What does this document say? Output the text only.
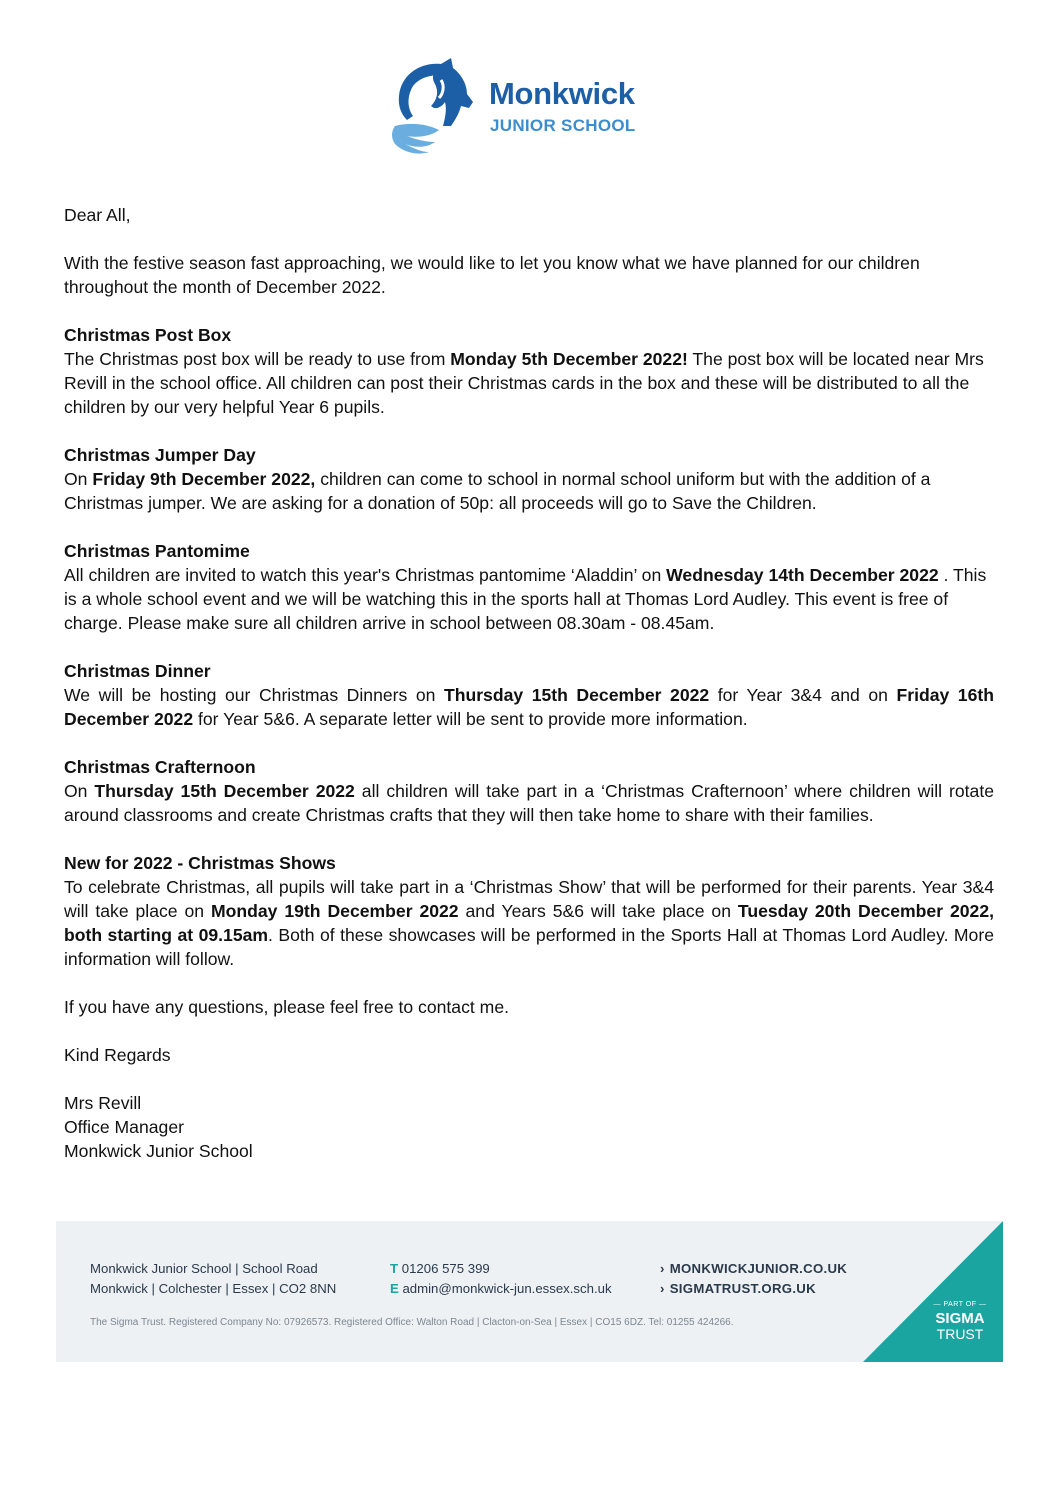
Monkwick
JUNIOR SCHOOL

Dear All,

With the festive season fast approaching, we would like to let you know what we have planned for our children throughout the month of December 2022.

Christmas Post Box

The Christmas post box will be ready to use from Monday 5th December 2022! The post box will be located near Mrs Revill in the school office. All children can post their Christmas cards in the box and these will be distributed to all the children by our very helpful Year 6 pupils.

Christmas Jumper Day

On Friday 9th December 2022, children can come to school in normal school uniform but with the addition of a Christmas jumper. We are asking for a donation of 50p: all proceeds will go to Save the Children.

Christmas Pantomime

All children are invited to watch this year's Christmas pantomime ‘Aladdin’ on Wednesday 14th December 2022 . This is a whole school event and we will be watching this in the sports hall at Thomas Lord Audley. This event is free of charge. Please make sure all children arrive in school between 08.30am - 08.45am.

Christmas Dinner

We will be hosting our Christmas Dinners on Thursday 15th December 2022 for Year 3&4 and on Friday 16th December 2022 for Year 5&6. A separate letter will be sent to provide more information.

Christmas Crafternoon

On Thursday 15th December 2022 all children will take part in a ‘Christmas Crafternoon’ where children will rotate around classrooms and create Christmas crafts that they will then take home to share with their families.

New for 2022 - Christmas Shows

To celebrate Christmas, all pupils will take part in a ‘Christmas Show’ that will be performed for their parents. Year 3&4 will take place on Monday 19th December 2022 and Years 5&6 will take place on Tuesday 20th December 2022, both starting at 09.15am. Both of these showcases will be performed in the Sports Hall at Thomas Lord Audley. More information will follow.

If you have any questions, please feel free to contact me.

Kind Regards

Mrs Revill
Office Manager
Monkwick Junior School

Monkwick Junior School | School Road
Monkwick | Colchester | Essex | CO2 8NN
T 01206 575 399
E admin@monkwick-jun.essex.sch.uk
› MONKWICKJUNIOR.CO.UK
› SIGMATRUST.ORG.UK
The Sigma Trust. Registered Company No: 07926573. Registered Office: Walton Road | Clacton-on-Sea | Essex | CO15 6DZ. Tel: 01255 424266.
— PART OF —
SIGMA
TRUST
